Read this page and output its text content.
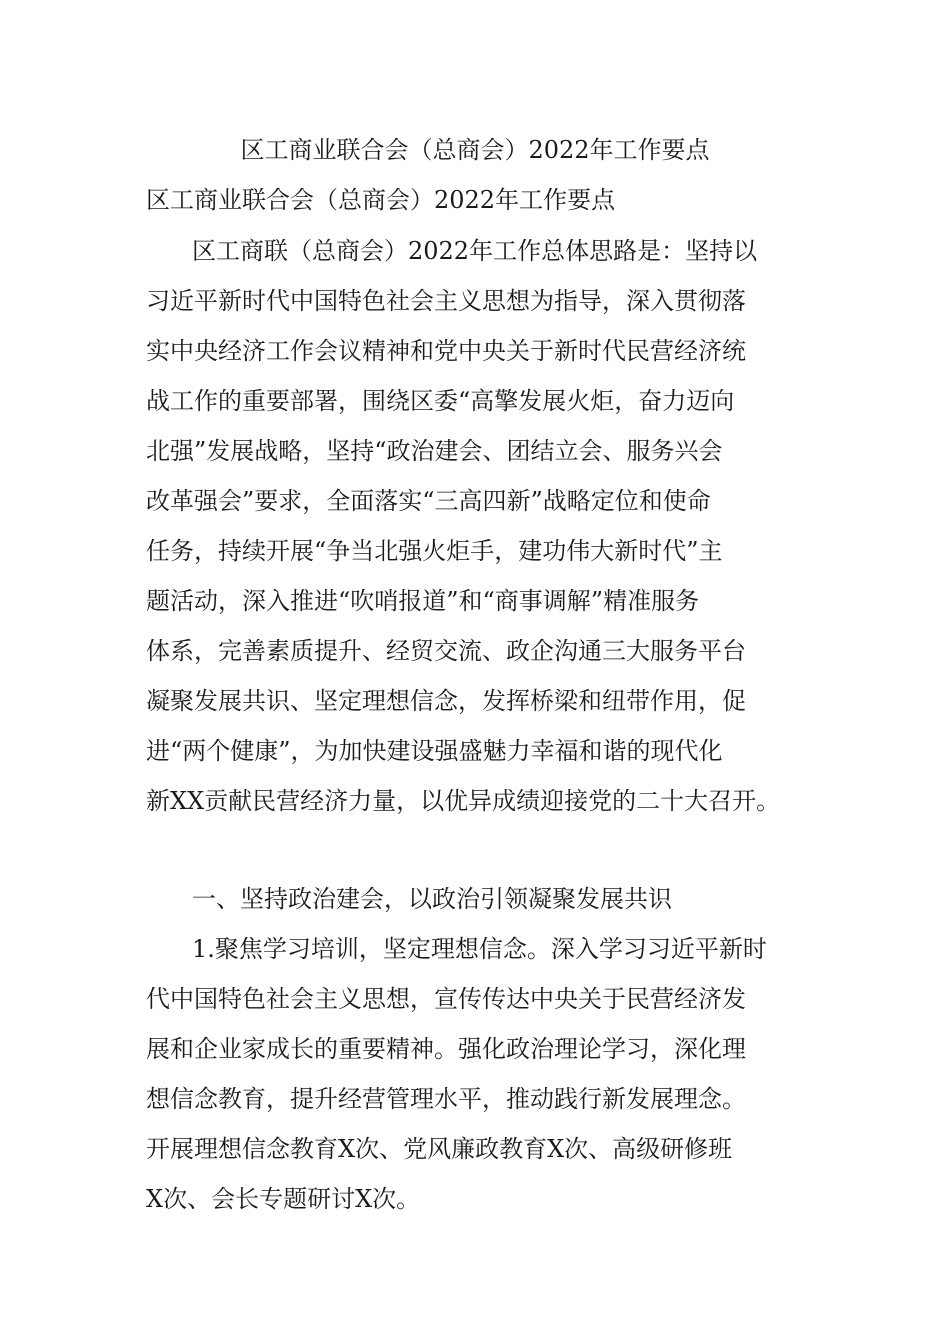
区工商业联合会（总商会）2022年工作要点
区工商业联合会（总商会）2022年工作要点
区工商联（总商会）2022年工作总体思路是：坚持以
习近平新时代中国特色社会主义思想为指导，深入贯彻落
实中央经济工作会议精神和党中央关于新时代民营经济统
战工作的重要部署，围绕区委“高擎发展火炬，奋力迈向
北强”发展战略，坚持“政治建会、团结立会、服务兴会
改革强会”要求，全面落实“三高四新”战略定位和使命
任务，持续开展“争当北强火炬手，建功伟大新时代”主
题活动，深入推进“吹哨报道”和“商事调解”精准服务
体系，完善素质提升、经贸交流、政企沟通三大服务平台
凝聚发展共识、坚定理想信念，发挥桥梁和纽带作用，促
进“两个健康”，为加快建设强盛魅力幸福和谐的现代化
新XX贡献民营经济力量，以优异成绩迎接党的二十大召开。
一、坚持政治建会，以政治引领凝聚发展共识
1.聚焦学习培训，坚定理想信念。深入学习习近平新时
代中国特色社会主义思想，宣传传达中央关于民营经济发
展和企业家成长的重要精神。强化政治理论学习，深化理
想信念教育，提升经营管理水平，推动践行新发展理念。
开展理想信念教育X次、党风廉政教育X次、高级研修班
X次、会长专题研讨X次。
